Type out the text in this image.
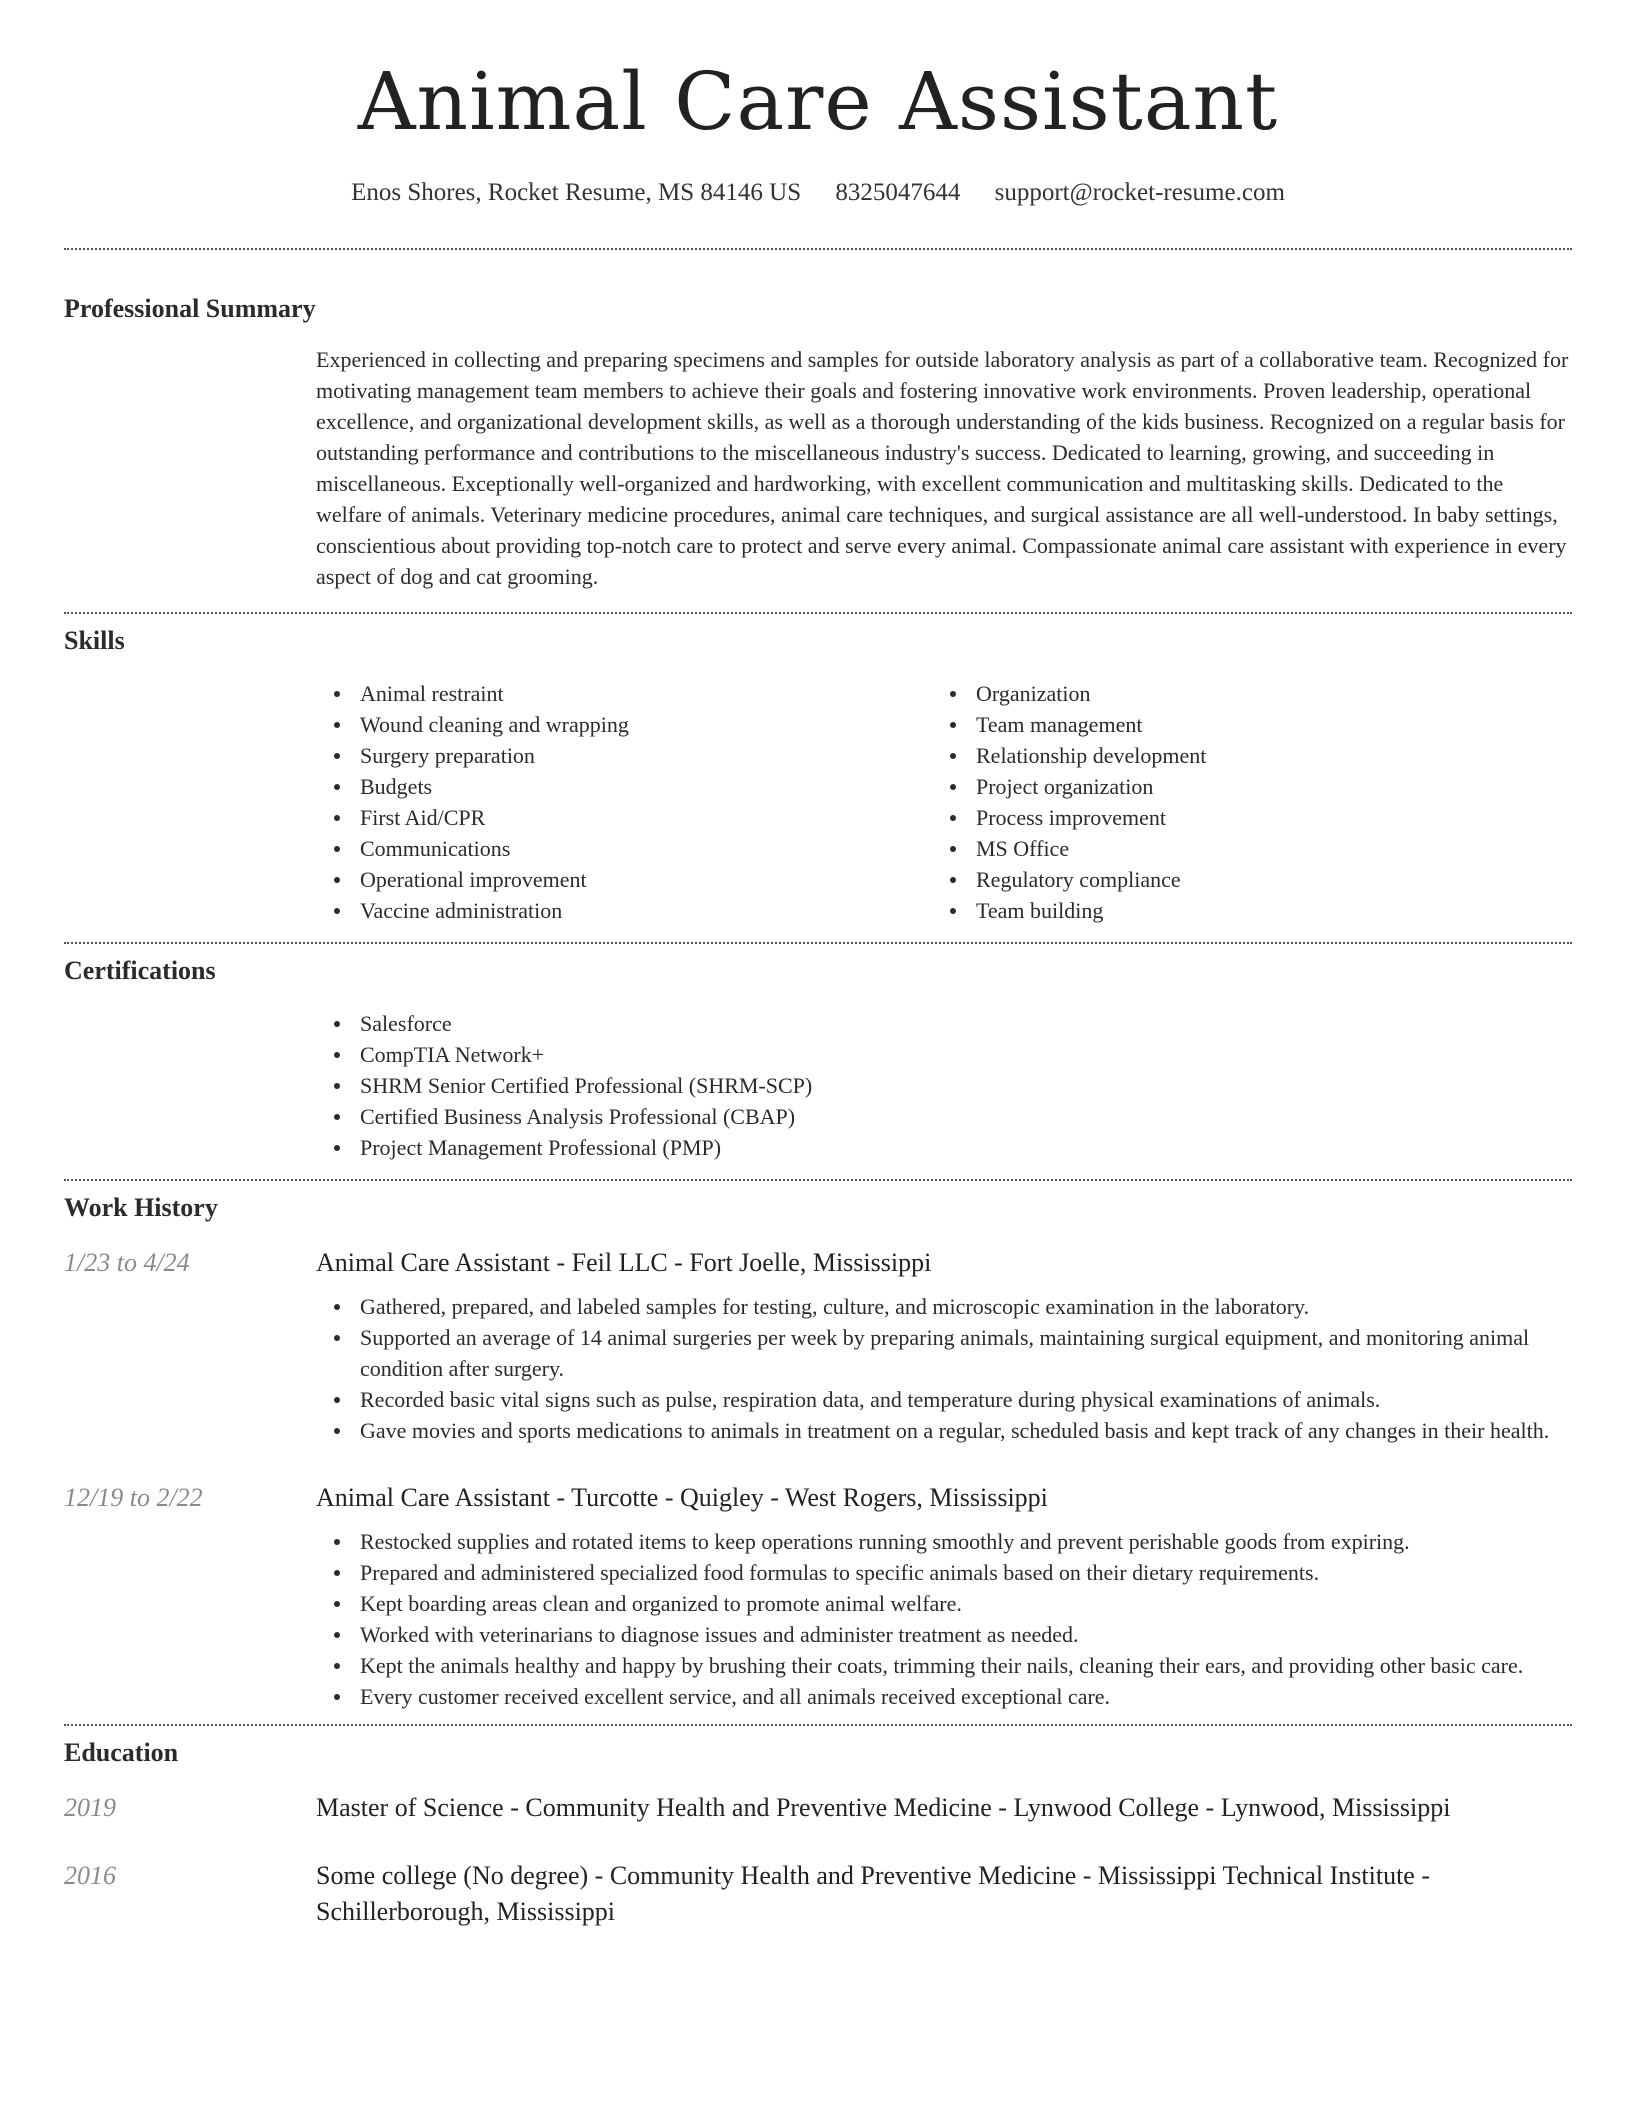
Animal Care Assistant
Enos Shores, Rocket Resume, MS 84146 US 8325047644 support@rocket-resume.com
Professional Summary

Experienced in collecting and preparing specimens and samples for outside laboratory analysis as part of a collaborative team. Recognized for motivating management team members to achieve their goals and fostering innovative work environments. Proven leadership, operational excellence, and organizational development skills, as well as a thorough understanding of the kids business. Recognized on a regular basis for outstanding performance and contributions to the miscellaneous industry's success. Dedicated to learning, growing, and succeeding in miscellaneous. Exceptionally well-organized and hardworking, with excellent communication and multitasking skills. Dedicated to the welfare of animals. Veterinary medicine procedures, animal care techniques, and surgical assistance are all well-understood. In baby settings, conscientious about providing top-notch care to protect and serve every animal. Compassionate animal care assistant with experience in every aspect of dog and cat grooming.

Skills
Animal restraint
Wound cleaning and wrapping
Surgery preparation
Budgets
First Aid/CPR
Communications
Operational improvement
Vaccine administration
Organization
Team management
Relationship development
Project organization
Process improvement
MS Office
Regulatory compliance
Team building
Certifications
Salesforce
CompTIA Network+
SHRM Senior Certified Professional (SHRM-SCP)
Certified Business Analysis Professional (CBAP)
Project Management Professional (PMP)
Work History
1/23 to 4/24	Animal Care Assistant - Feil LLC - Fort Joelle, Mississippi
Gathered, prepared, and labeled samples for testing, culture, and microscopic examination in the laboratory.
Supported an average of 14 animal surgeries per week by preparing animals, maintaining surgical equipment, and monitoring animal condition after surgery.
Recorded basic vital signs such as pulse, respiration data, and temperature during physical examinations of animals.
Gave movies and sports medications to animals in treatment on a regular, scheduled basis and kept track of any changes in their health.
12/19 to 2/22	Animal Care Assistant - Turcotte - Quigley - West Rogers, Mississippi
Restocked supplies and rotated items to keep operations running smoothly and prevent perishable goods from expiring.
Prepared and administered specialized food formulas to specific animals based on their dietary requirements.
Kept boarding areas clean and organized to promote animal welfare.
Worked with veterinarians to diagnose issues and administer treatment as needed.
Kept the animals healthy and happy by brushing their coats, trimming their nails, cleaning their ears, and providing other basic care.
Every customer received excellent service, and all animals received exceptional care.
Education
2019	Master of Science - Community Health and Preventive Medicine - Lynwood College - Lynwood, Mississippi
2016	Some college (No degree) - Community Health and Preventive Medicine - Mississippi Technical Institute - Schillerborough, Mississippi
